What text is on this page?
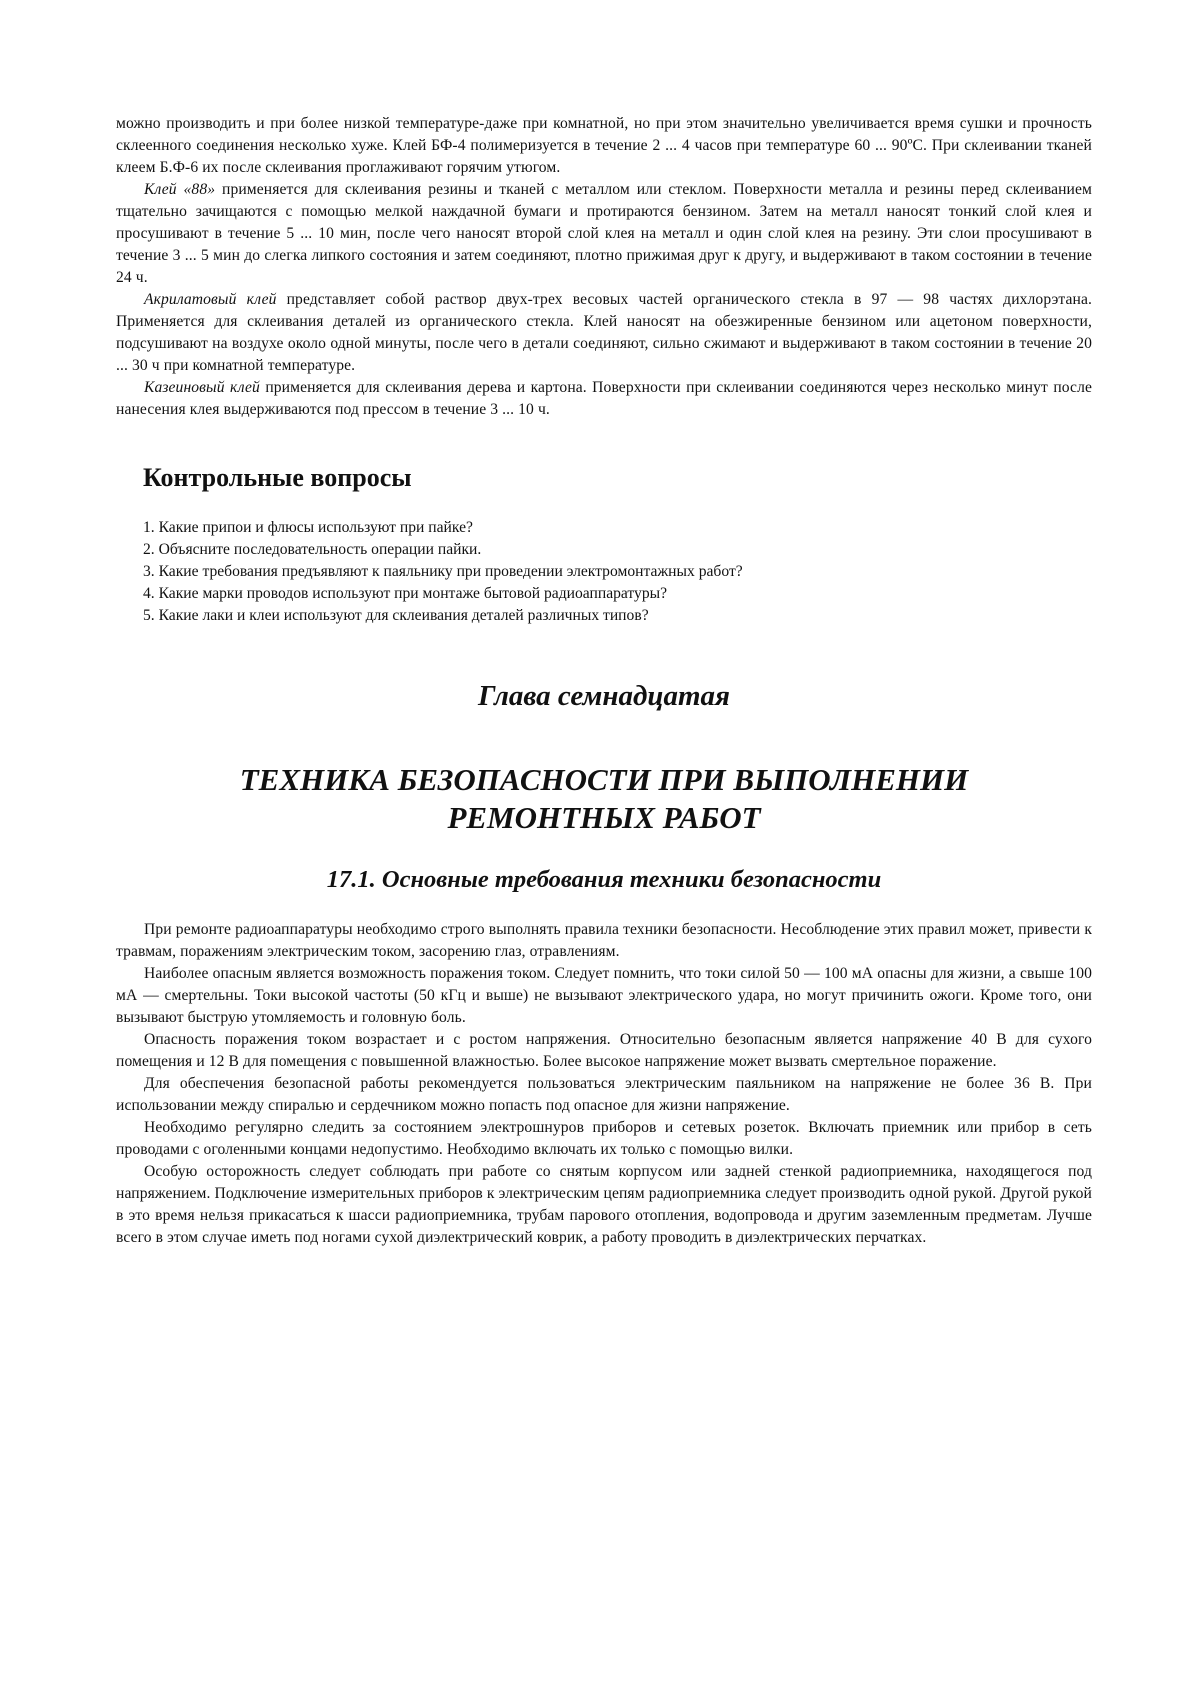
можно производить и при более низкой температуре-даже при комнатной, но при этом значительно увеличивается время сушки и прочность склеенного соединения несколько хуже. Клей БФ-4 полимеризуется в течение 2 ... 4 часов при температуре 60 ... 90ºС. При склеивании тканей клеем Б.Ф-6 их после склеивания проглаживают горячим утюгом.

Клей «88» применяется для склеивания резины и тканей с металлом или стеклом. Поверхности металла и резины перед склеиванием тщательно зачищаются с помощью мелкой наждачной бумаги и протираются бензином. Затем на металл наносят тонкий слой клея и просушивают в течение 5 ... 10 мин, после чего наносят второй слой клея на металл и один слой клея на резину. Эти слои просушивают в течение 3 ... 5 мин до слегка липкого состояния и затем соединяют, плотно прижимая друг к другу, и выдерживают в таком состоянии в течение 24 ч.

Акрилатовый клей представляет собой раствор двух-трех весовых частей органического стекла в 97 — 98 частях дихлорэтана. Применяется для склеивания деталей из органического стекла. Клей наносят на обезжиренные бензином или ацетоном поверхности, подсушивают на воздухе около одной минуты, после чего в детали соединяют, сильно сжимают и выдерживают в таком состоянии в течение 20 ... 30 ч при комнатной температуре.

Казеиновый клей применяется для склеивания дерева и картона. Поверхности при склеивании соединяются через несколько минут после нанесения клея выдерживаются под прессом в течение 3 ... 10 ч.

Контрольные вопросы
1. Какие припои и флюсы используют при пайке?
2. Объясните последовательность операции пайки.
3. Какие требования предъявляют к паяльнику при проведении электромонтажных работ?
4. Какие марки проводов используют при монтаже бытовой радиоаппаратуры?
5. Какие лаки и клеи используют для склеивания деталей различных типов?
Глава семнадцатая
ТЕХНИКА БЕЗОПАСНОСТИ ПРИ ВЫПОЛНЕНИИ
РЕМОНТНЫХ РАБОТ
17.1. Основные требования техники безопасности

При ремонте радиоаппаратуры необходимо строго выполнять правила техники безопасности. Несоблюдение этих правил может, привести к травмам, поражениям электрическим током, засорению глаз, отравлениям.

Наиболее опасным является возможность поражения током. Следует помнить, что токи силой 50 — 100 мА опасны для жизни, а свыше 100 мА — смертельны. Токи высокой частоты (50 кГц и выше) не вызывают электрического удара, но могут причинить ожоги. Кроме того, они вызывают быструю утомляемость и головную боль.

Опасность поражения током возрастает и с ростом напряжения. Относительно безопасным является напряжение 40 В для сухого помещения и 12 В для помещения с повышенной влажностью. Более высокое напряжение может вызвать смертельное поражение.

Для обеспечения безопасной работы рекомендуется пользоваться электрическим паяльником на напряжение не более 36 В. При использовании между спиралью и сердечником можно попасть под опасное для жизни напряжение.

Необходимо регулярно следить за состоянием электрошнуров приборов и сетевых розеток. Включать приемник или прибор в сеть проводами с оголенными концами недопустимо. Необходимо включать их только с помощью вилки.

Особую осторожность следует соблюдать при работе со снятым корпусом или задней стенкой радиоприемника, находящегося под напряжением. Подключение измерительных приборов к электрическим цепям радиоприемника следует производить одной рукой. Другой рукой в это время нельзя прикасаться к шасси радиоприемника, трубам парового отопления, водопровода и другим заземленным предметам. Лучше всего в этом случае иметь под ногами сухой диэлектрический коврик, а работу проводить в диэлектрических перчатках.
